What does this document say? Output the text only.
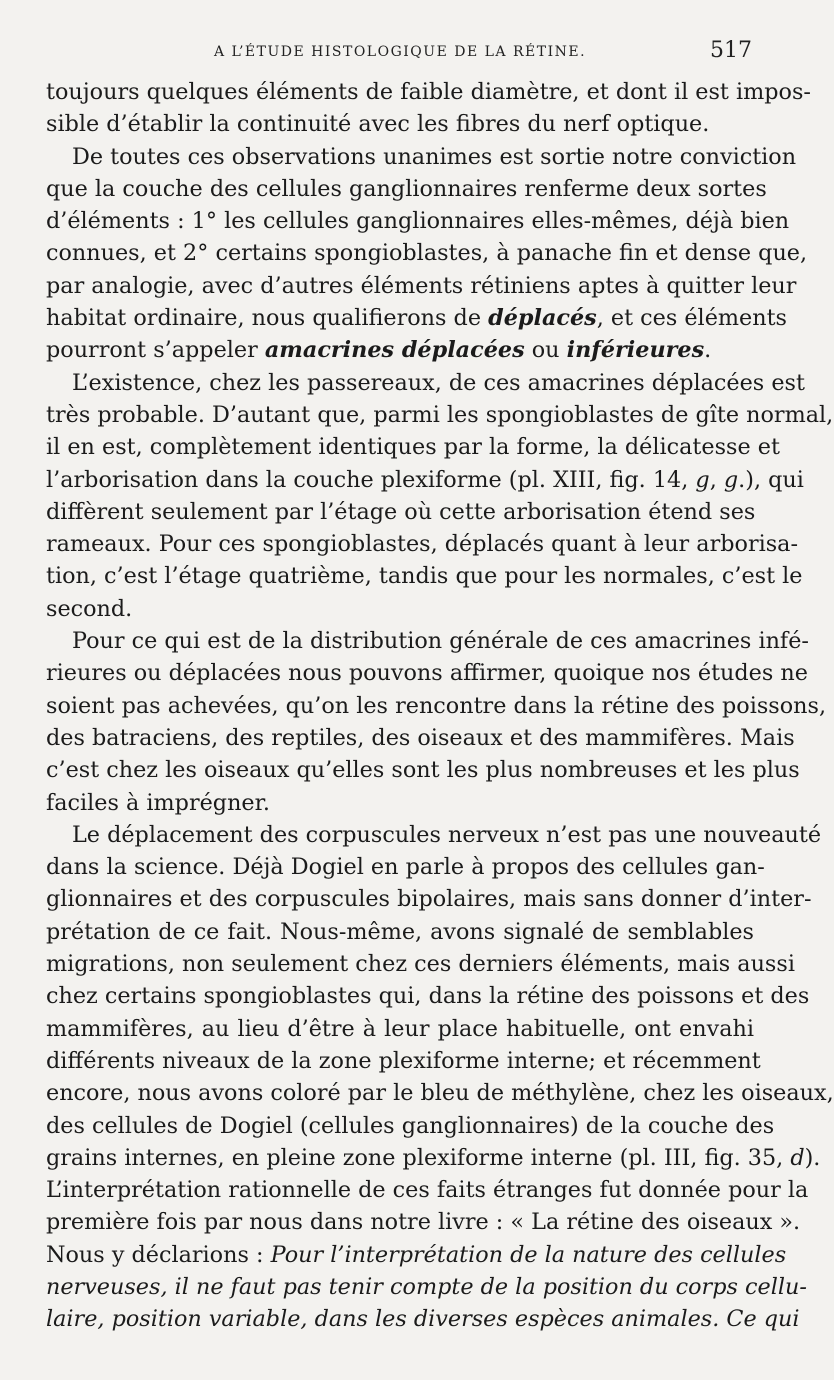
A L’ÉTUDE HISTOLOGIQUE DE LA RÉTINE.	517
toujours quelques éléments de faible diamètre, et dont il est impos-
sible d’établir la continuité avec les fibres du nerf optique.
De toutes ces observations unanimes est sortie notre conviction
que la couche des cellules ganglionnaires renferme deux sortes
d’éléments : 1° les cellules ganglionnaires elles-mêmes, déjà bien
connues, et 2° certains spongioblastes, à panache fin et dense que,
par analogie, avec d’autres éléments rétiniens aptes à quitter leur
habitat ordinaire, nous qualifierons de déplacés, et ces éléments
pourront s’appeler amacrines déplacées ou inférieures.
L’existence, chez les passereaux, de ces amacrines déplacées est
très probable. D’autant que, parmi les spongioblastes de gîte normal,
il en est, complètement identiques par la forme, la délicatesse et
l’arborisation dans la couche plexiforme (pl. XIII, fig. 14, g, g.), qui
diffèrent seulement par l’étage où cette arborisation étend ses
rameaux. Pour ces spongioblastes, déplacés quant à leur arborisa-
tion, c’est l’étage quatrième, tandis que pour les normales, c’est le
second.
Pour ce qui est de la distribution générale de ces amacrines infé-
rieures ou déplacées nous pouvons affirmer, quoique nos études ne
soient pas achevées, qu’on les rencontre dans la rétine des poissons,
des batraciens, des reptiles, des oiseaux et des mammifères. Mais
c’est chez les oiseaux qu’elles sont les plus nombreuses et les plus
faciles à imprégner.
Le déplacement des corpuscules nerveux n’est pas une nouveauté
dans la science. Déjà Dogiel en parle à propos des cellules gan-
glionnaires et des corpuscules bipolaires, mais sans donner d’inter-
prétation de ce fait. Nous-même, avons signalé de semblables
migrations, non seulement chez ces derniers éléments, mais aussi
chez certains spongioblastes qui, dans la rétine des poissons et des
mammifères, au lieu d’être à leur place habituelle, ont envahi
différents niveaux de la zone plexiforme interne; et récemment
encore, nous avons coloré par le bleu de méthylène, chez les oiseaux,
des cellules de Dogiel (cellules ganglionnaires) de la couche des
grains internes, en pleine zone plexiforme interne (pl. III, fig. 35, d).
L’interprétation rationnelle de ces faits étranges fut donnée pour la
première fois par nous dans notre livre : « La rétine des oiseaux ».
Nous y déclarions : Pour l’interprétation de la nature des cellules
nerveuses, il ne faut pas tenir compte de la position du corps cellu-
laire, position variable, dans les diverses espèces animales. Ce qui
